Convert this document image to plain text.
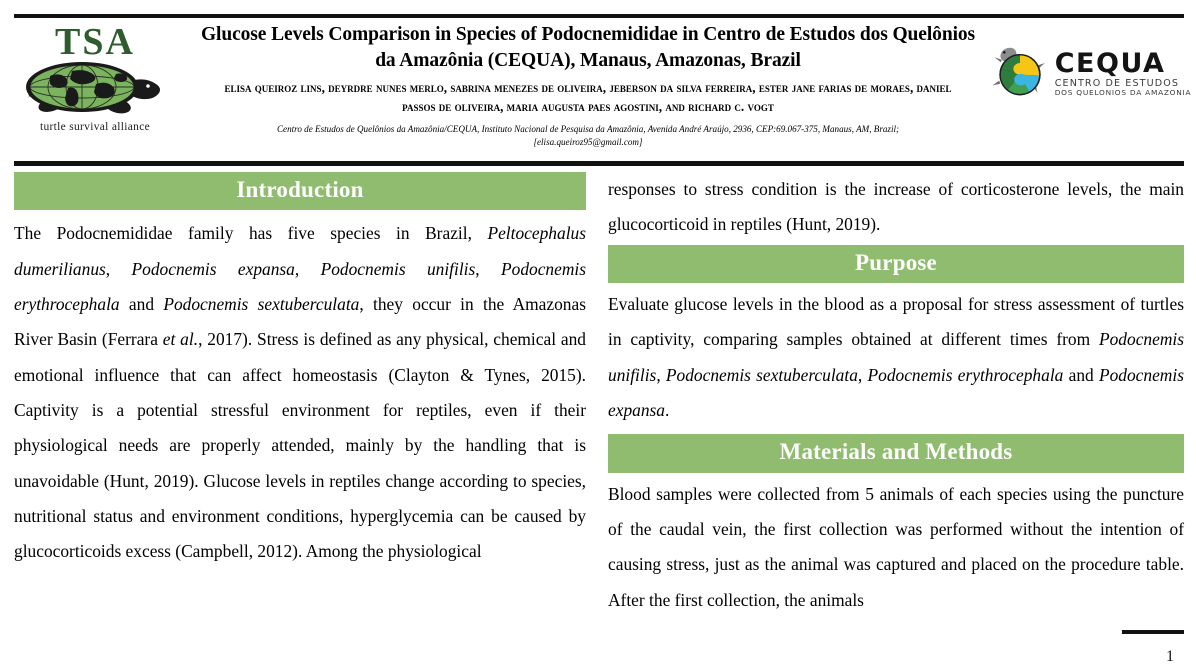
TSA
turtle survival alliance
Glucose Levels Comparison in Species of Podocnemididae in Centro de Estudos dos Quelônios da Amazônia (CEQUA), Manaus, Amazonas, Brazil
elisa queiroz lins, deyrdre nunes merlo, sabrina menezes de oliveira, jeberson da silva ferreira, ester jane farias de moraes, daniel passos de oliveira, maria augusta paes agostini, and richard c. vogt
Centro de Estudos de Quelônios da Amazônia/CEQUA, Instituto Nacional de Pesquisa da Amazônia, Avenida André Araújo, 2936, CEP:69.067-375, Manaus, AM, Brazil;
[elisa.queiroz95@gmail.com]
CEQUA
CENTRO DE ESTUDOS
DOS QUELONIOS DA AMAZONIA
Introduction
The Podocnemididae family has five species in Brazil, Peltocephalus dumerilianus, Podocnemis expansa, Podocnemis unifilis, Podocnemis erythrocephala and Podocnemis sextuberculata, they occur in the Amazonas River Basin (Ferrara et al., 2017). Stress is defined as any physical, chemical and emotional influence that can affect homeostasis (Clayton & Tynes, 2015). Captivity is a potential stressful environment for reptiles, even if their physiological needs are properly attended, mainly by the handling that is unavoidable (Hunt, 2019). Glucose levels in reptiles change according to species, nutritional status and environment conditions, hyperglycemia can be caused by glucocorticoids excess (Campbell, 2012). Among the physiological
responses to stress condition is the increase of corticosterone levels, the main glucocorticoid in reptiles (Hunt, 2019).
Purpose
Evaluate glucose levels in the blood as a proposal for stress assessment of turtles in captivity, comparing samples obtained at different times from Podocnemis unifilis, Podocnemis sextuberculata, Podocnemis erythrocephala and Podocnemis expansa.
Materials and Methods
Blood samples were collected from 5 animals of each species using the puncture of the caudal vein, the first collection was performed without the intention of causing stress, just as the animal was captured and placed on the procedure table. After the first collection, the animals
1
